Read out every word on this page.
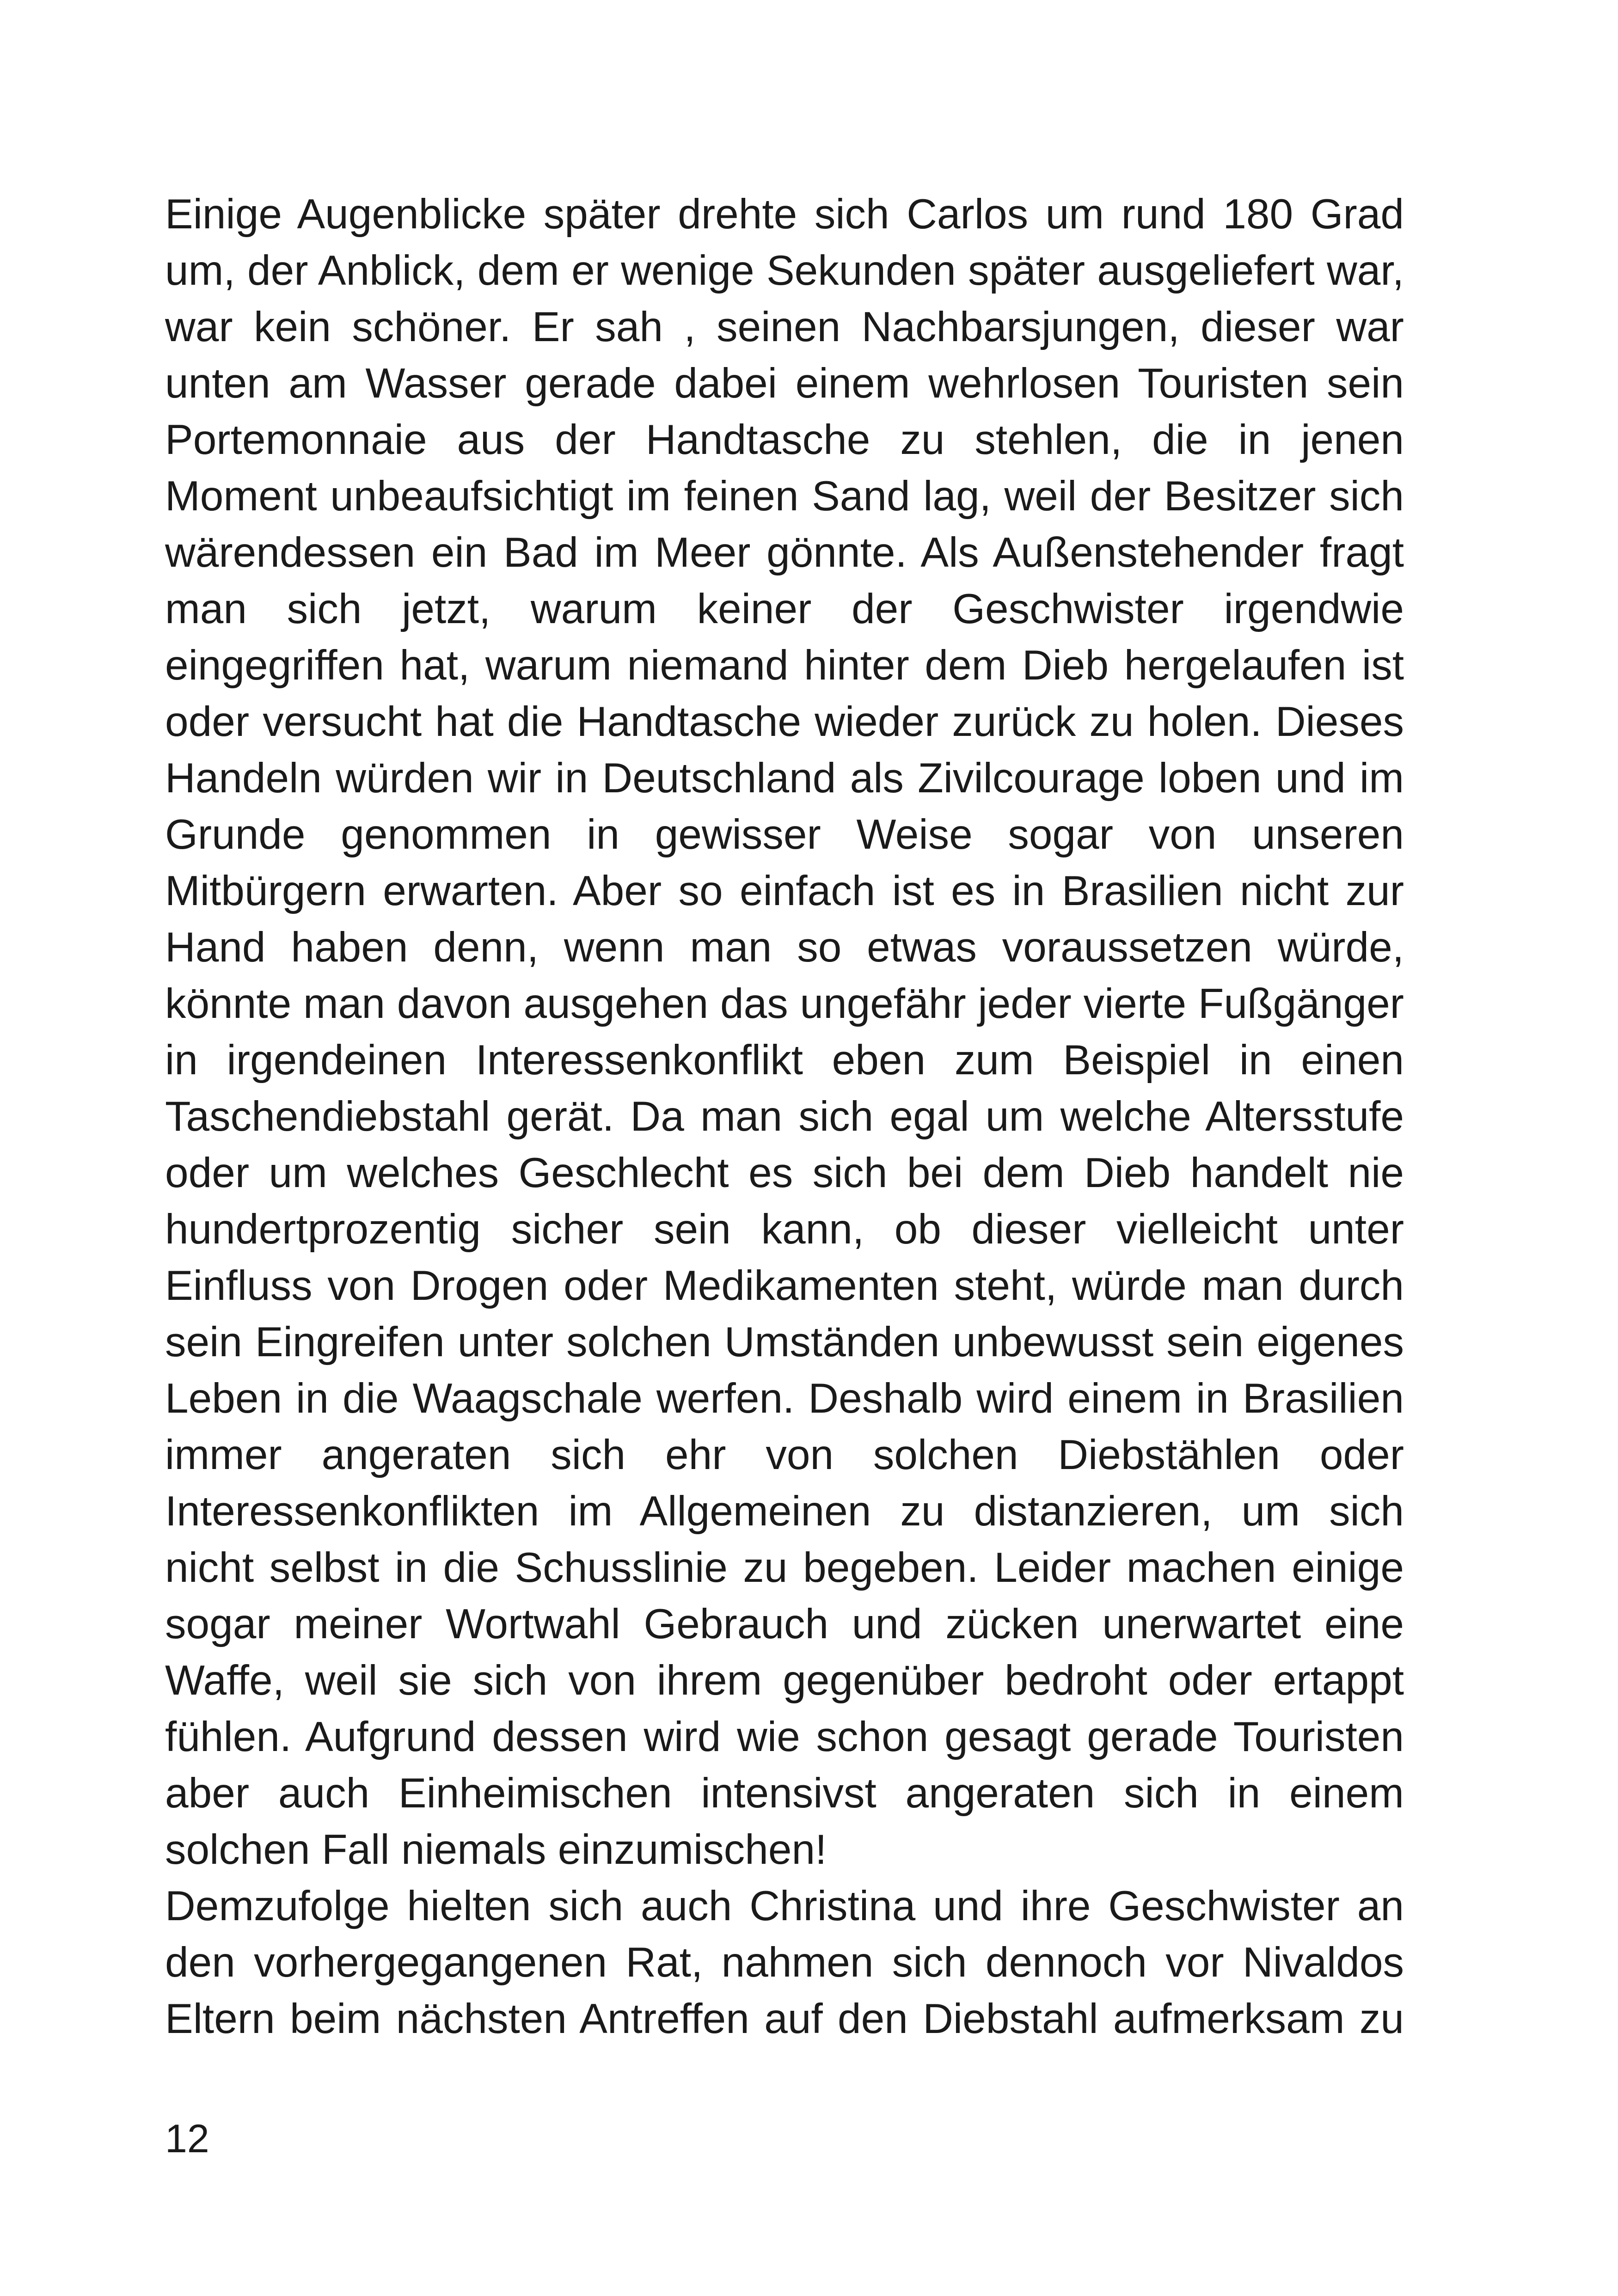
Einige Augenblicke später drehte sich Carlos um rund 180 Grad
um, der Anblick, dem er wenige Sekunden später ausgeliefert war,
war kein schöner. Er sah , seinen Nachbarsjungen, dieser war
unten am Wasser gerade dabei einem wehrlosen Touristen sein
Portemonnaie aus der Handtasche zu stehlen, die in jenen
Moment unbeaufsichtigt im feinen Sand lag, weil der Besitzer sich
wärendessen ein Bad im Meer gönnte. Als Außenstehender fragt
man sich jetzt, warum keiner der Geschwister irgendwie
eingegriffen hat, warum niemand hinter dem Dieb hergelaufen ist
oder versucht hat die Handtasche wieder zurück zu holen. Dieses
Handeln würden wir in Deutschland als Zivilcourage loben und im
Grunde genommen in gewisser Weise sogar von unseren
Mitbürgern erwarten. Aber so einfach ist es in Brasilien nicht zur
Hand haben denn, wenn man so etwas voraussetzen würde,
könnte man davon ausgehen das ungefähr jeder vierte Fußgänger
in irgendeinen Interessenkonflikt eben zum Beispiel in einen
Taschendiebstahl gerät. Da man sich egal um welche Altersstufe
oder um welches Geschlecht es sich bei dem Dieb handelt nie
hundertprozentig sicher sein kann, ob dieser vielleicht unter
Einfluss von Drogen oder Medikamenten steht, würde man durch
sein Eingreifen unter solchen Umständen unbewusst sein eigenes
Leben in die Waagschale werfen. Deshalb wird einem in Brasilien
immer angeraten sich ehr von solchen Diebstählen oder
Interessenkonflikten im Allgemeinen zu distanzieren, um sich
nicht selbst in die Schusslinie zu begeben. Leider machen einige
sogar meiner Wortwahl Gebrauch und zücken unerwartet eine
Waffe, weil sie sich von ihrem gegenüber bedroht oder ertappt
fühlen. Aufgrund dessen wird wie schon gesagt gerade Touristen
aber auch Einheimischen intensivst angeraten sich in einem
solchen Fall niemals einzumischen!
Demzufolge hielten sich auch Christina und ihre Geschwister an
den vorhergegangenen Rat, nahmen sich dennoch vor Nivaldos
Eltern beim nächsten Antreffen auf den Diebstahl aufmerksam zu
12
